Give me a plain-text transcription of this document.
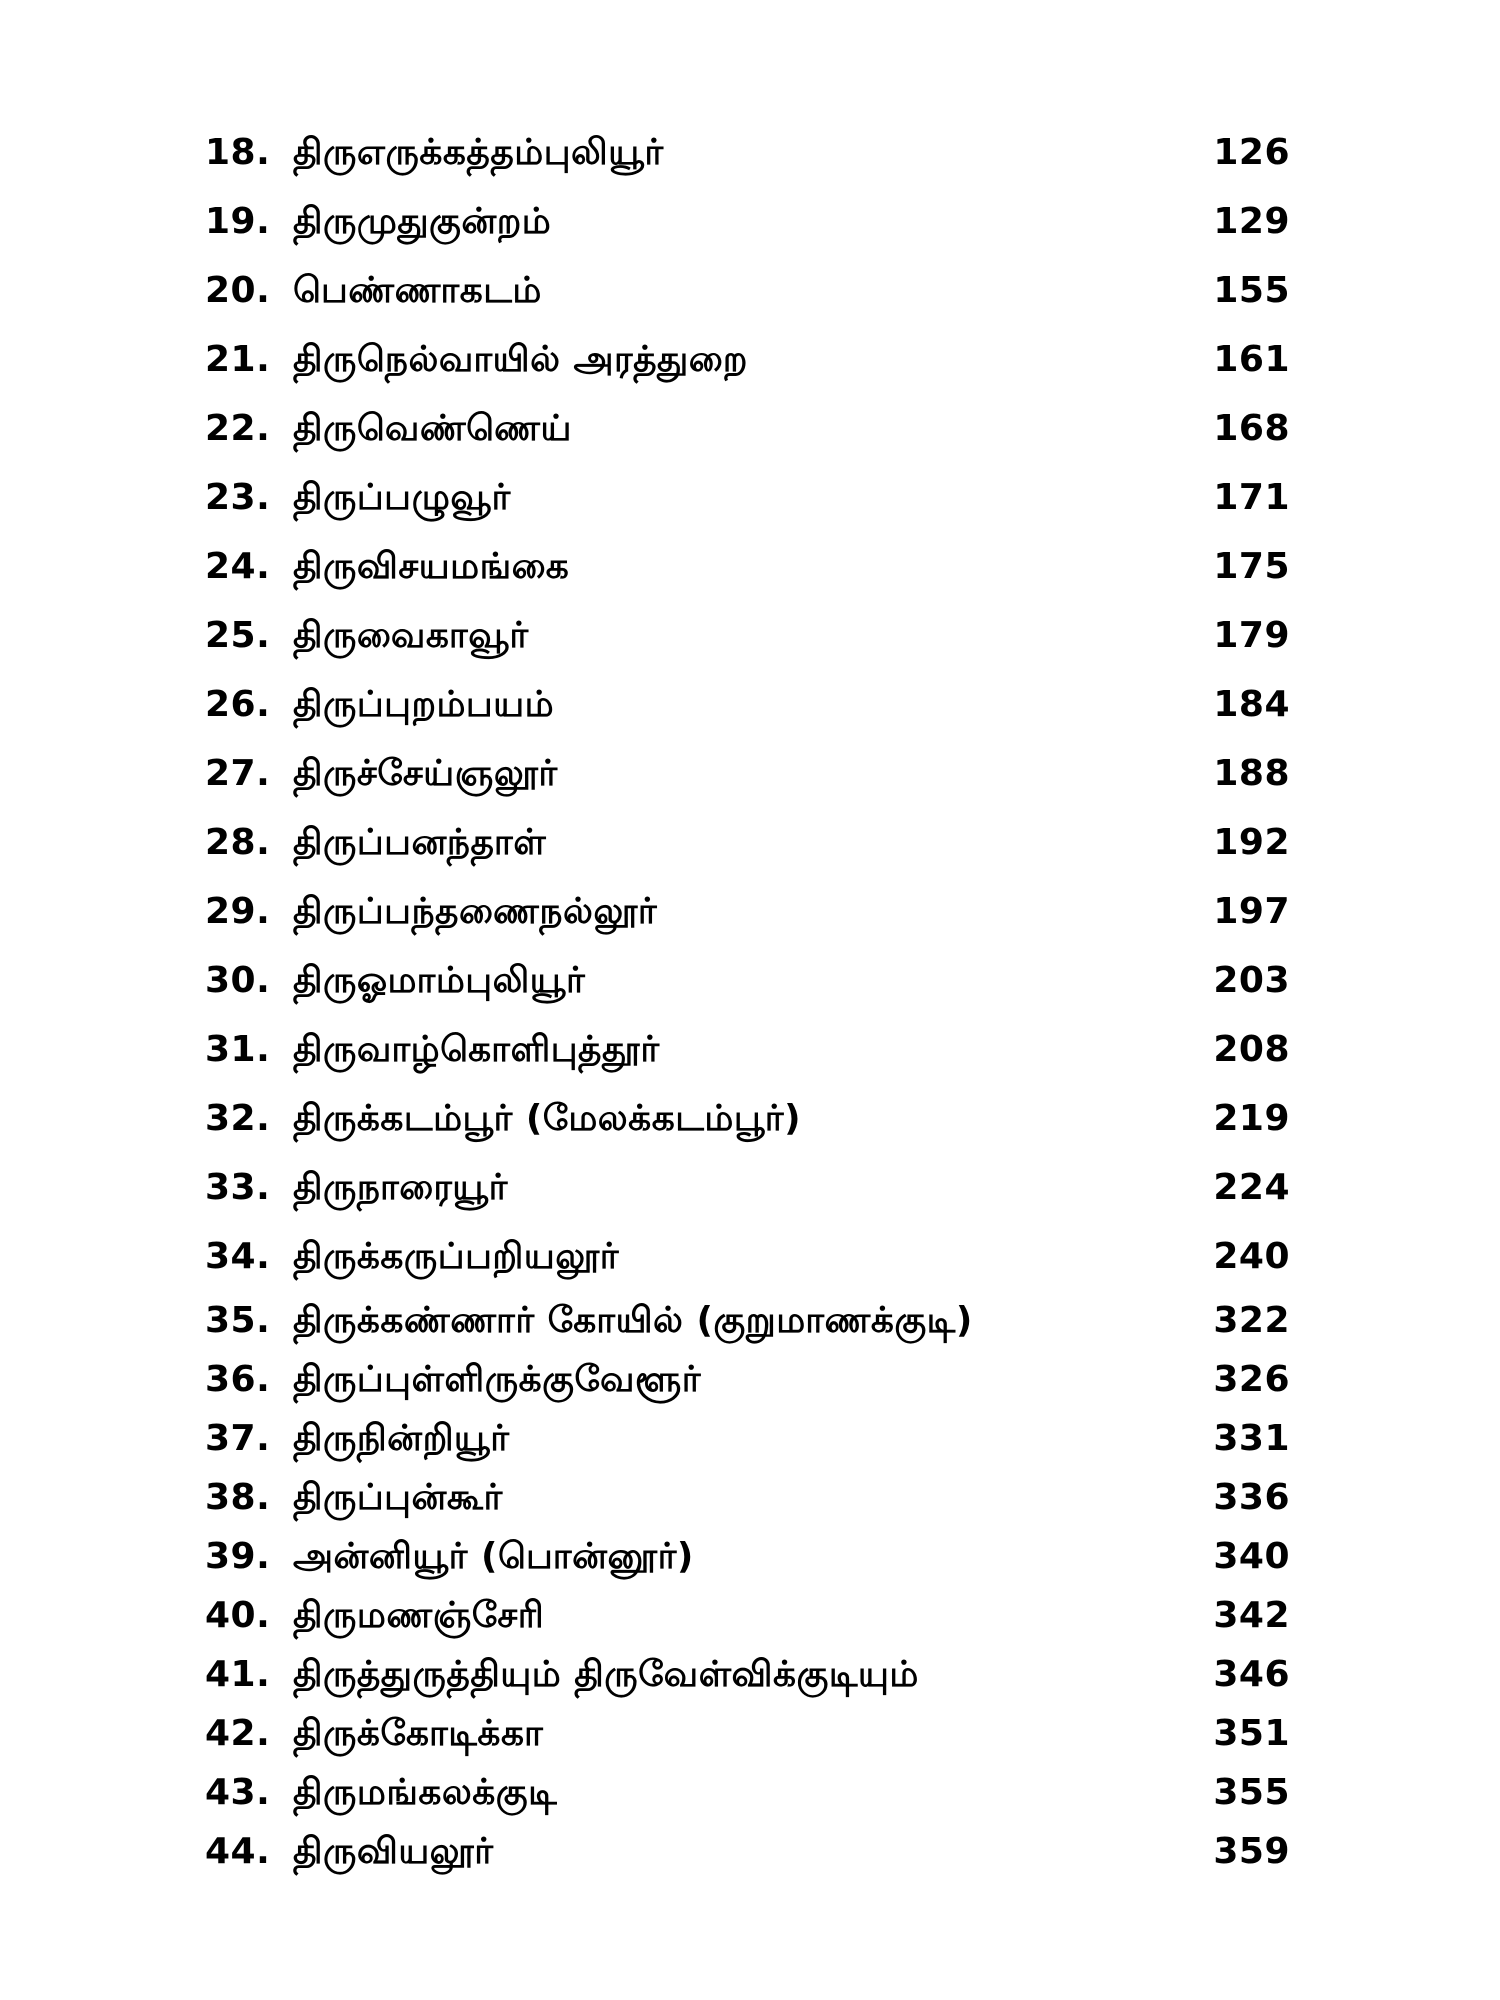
18. திருஎருக்கத்தம்புலியூர்	126
19. திருமுதுகுன்றம்	129
20. பெண்ணாகடம்	155
21. திருநெல்வாயில் அரத்துறை	161
22. திருவெண்ணெய்	168
23. திருப்பழுவூர்	171
24. திருவிசயமங்கை	175
25. திருவைகாவூர்	179
26. திருப்புறம்பயம்	184
27. திருச்சேய்ஞலூர்	188
28. திருப்பனந்தாள்	192
29. திருப்பந்தணைநல்லூர்	197
30. திருஓமாம்புலியூர்	203
31. திருவாழ்கொளிபுத்தூர்	208
32. திருக்கடம்பூர் (மேலக்கடம்பூர்)	219
33. திருநாரையூர்	224
34. திருக்கருப்பறியலூர்	240
35. திருக்கண்ணார் கோயில் (குறுமாணக்குடி)	322
36. திருப்புள்ளிருக்குவேளூர்	326
37. திருநின்றியூர்	331
38. திருப்புன்கூர்	336
39. அன்னியூர் (பொன்னூர்)	340
40. திருமணஞ்சேரி	342
41. திருத்துருத்தியும் திருவேள்விக்குடியும்	346
42. திருக்கோடிக்கா	351
43. திருமங்கலக்குடி	355
44. திருவியலூர்	359
